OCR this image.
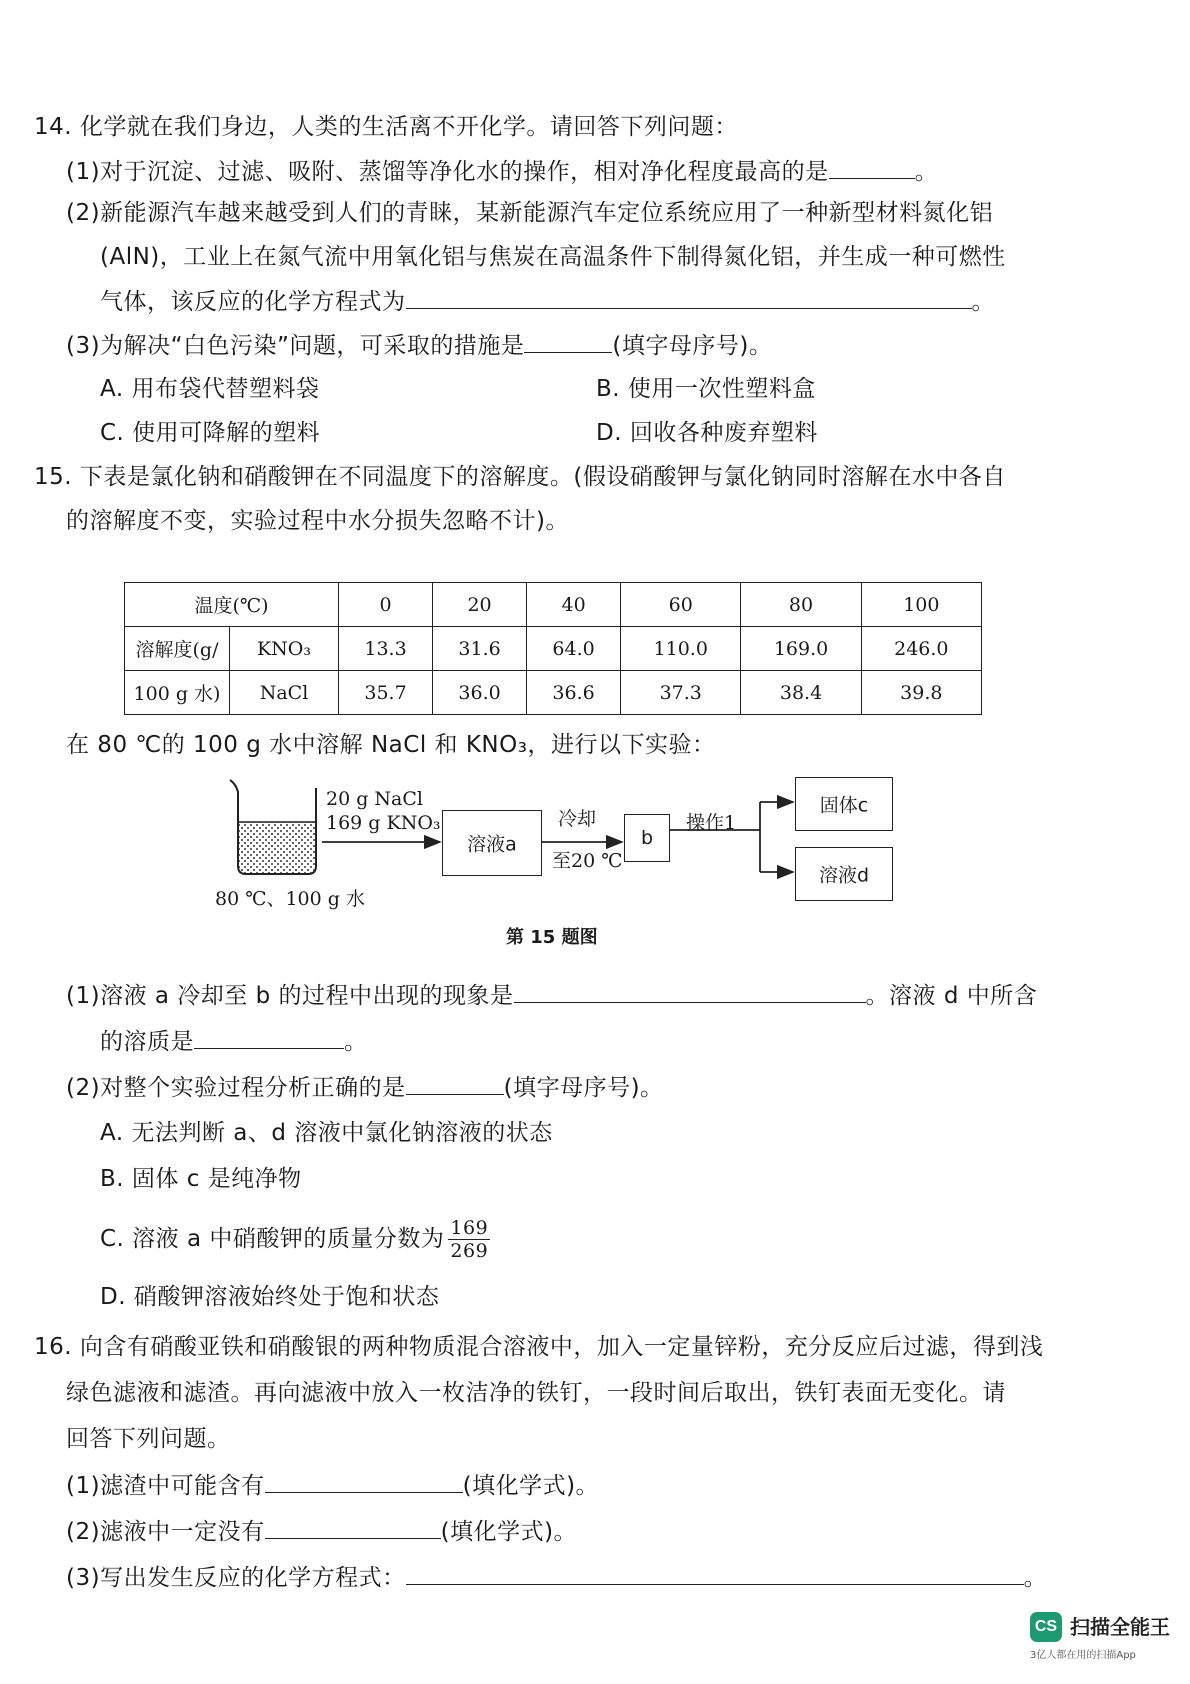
14. 化学就在我们身边，人类的生活离不开化学。请回答下列问题：
(1)对于沉淀、过滤、吸附、蒸馏等净化水的操作，相对净化程度最高的是	。
(2)新能源汽车越来越受到人们的青睐，某新能源汽车定位系统应用了一种新型材料氮化铝
(AlN)，工业上在氮气流中用氧化铝与焦炭在高温条件下制得氮化铝，并生成一种可燃性
气体，该反应的化学方程式为	。
(3)为解决“白色污染”问题，可采取的措施是	(填字母序号)。
A. 用布袋代替塑料袋	B. 使用一次性塑料盒
C. 使用可降解的塑料	D. 回收各种废弃塑料
15. 下表是氯化钠和硝酸钾在不同温度下的溶解度。(假设硝酸钾与氯化钠同时溶解在水中各自
的溶解度不变，实验过程中水分损失忽略不计)。
温度(℃)		0	20	40	60	80	100
溶解度(g/	KNO₃	13.3	31.6	64.0	110.0	169.0	246.0
100 g 水)	NaCl	35.7	36.0	36.6	37.3	38.4	39.8
在 80 ℃的 100 g 水中溶解 NaCl 和 KNO₃，进行以下实验：
80 ℃、100 g 水
20 g NaCl
169 g KNO₃
溶液a
冷却
至20 ℃
b
操作1
固体c
溶液d
第 15 题图
(1)溶液 a 冷却至 b 的过程中出现的现象是	。溶液 d 中所含
的溶质是	。
(2)对整个实验过程分析正确的是	(填字母序号)。
A. 无法判断 a、d 溶液中氯化钠溶液的状态
B. 固体 c 是纯净物
C. 溶液 a 中硝酸钾的质量分数为 $\frac{169}{269}$
D. 硝酸钾溶液始终处于饱和状态
16. 向含有硝酸亚铁和硝酸银的两种物质混合溶液中，加入一定量锌粉，充分反应后过滤，得到浅
绿色滤液和滤渣。再向滤液中放入一枚洁净的铁钉，一段时间后取出，铁钉表面无变化。请
回答下列问题。
(1)滤渣中可能含有	(填化学式)。
(2)滤液中一定没有	(填化学式)。
(3)写出发生反应的化学方程式：	。
CS 扫描全能王
3亿人都在用的扫描App
